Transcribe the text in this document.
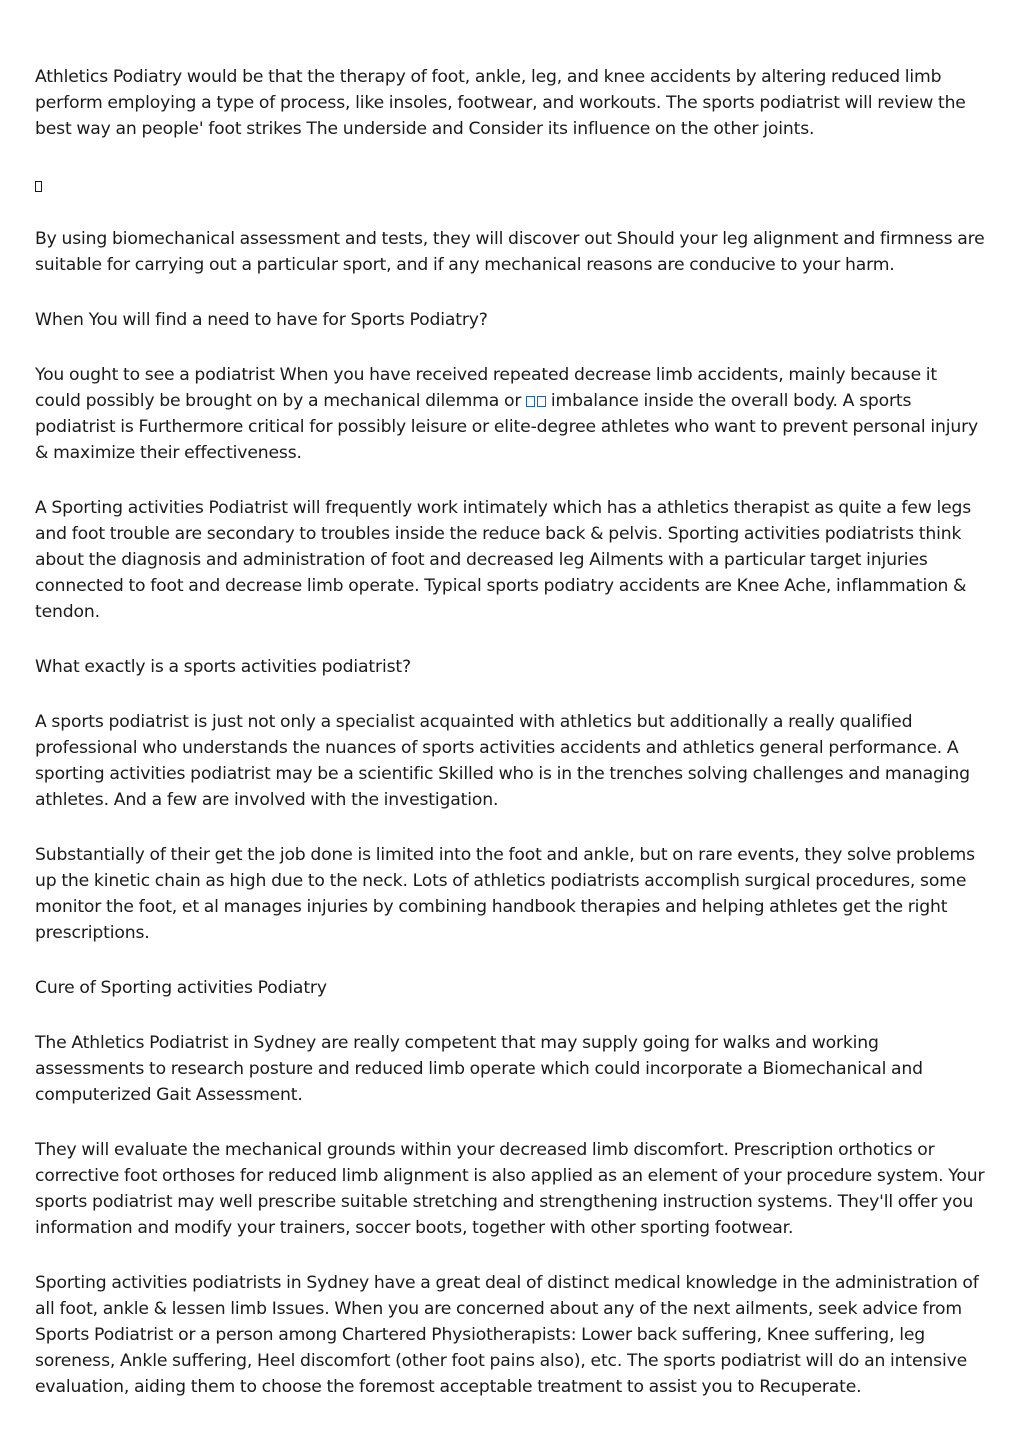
Athletics Podiatry would be that the therapy of foot, ankle, leg, and knee accidents by altering reduced limb perform employing a type of process, like insoles, footwear, and workouts. The sports podiatrist will review the best way an people' foot strikes The underside and Consider its influence on the other joints.

By using biomechanical assessment and tests, they will discover out Should your leg alignment and firmness are suitable for carrying out a particular sport, and if any mechanical reasons are conducive to your harm.

When You will find a need to have for Sports Podiatry?

You ought to see a podiatrist When you have received repeated decrease limb accidents, mainly because it could possibly be brought on by a mechanical dilemma or
imbalance inside the overall body. A sports podiatrist is Furthermore critical for possibly leisure or elite-degree athletes who want to prevent personal injury & maximize their effectiveness.

A Sporting activities Podiatrist will frequently work intimately which has a athletics therapist as quite a few legs and foot trouble are secondary to troubles inside the reduce back & pelvis. Sporting activities podiatrists think about the diagnosis and administration of foot and decreased leg Ailments with a particular target injuries connected to foot and decrease limb operate. Typical sports podiatry accidents are Knee Ache, inflammation & tendon.

What exactly is a sports activities podiatrist?

A sports podiatrist is just not only a specialist acquainted with athletics but additionally a really qualified professional who understands the nuances of sports activities accidents and athletics general performance. A sporting activities podiatrist may be a scientific Skilled who is in the trenches solving challenges and managing athletes. And a few are involved with the investigation.

Substantially of their get the job done is limited into the foot and ankle, but on rare events, they solve problems up the kinetic chain as high due to the neck. Lots of athletics podiatrists accomplish surgical procedures, some monitor the foot, et al manages injuries by combining handbook therapies and helping athletes get the right prescriptions.

Cure of Sporting activities Podiatry

The Athletics Podiatrist in Sydney are really competent that may supply going for walks and working assessments to research posture and reduced limb operate which could incorporate a Biomechanical and computerized Gait Assessment.

They will evaluate the mechanical grounds within your decreased limb discomfort. Prescription orthotics or corrective foot orthoses for reduced limb alignment is also applied as an element of your procedure system. Your sports podiatrist may well prescribe suitable stretching and strengthening instruction systems. They'll offer you information and modify your trainers, soccer boots, together with other sporting footwear.

Sporting activities podiatrists in Sydney have a great deal of distinct medical knowledge in the administration of all foot, ankle & lessen limb Issues. When you are concerned about any of the next ailments, seek advice from Sports Podiatrist or a person among Chartered Physiotherapists: Lower back suffering, Knee suffering, leg soreness, Ankle suffering, Heel discomfort (other foot pains also), etc. The sports podiatrist will do an intensive evaluation, aiding them to choose the foremost acceptable treatment to assist you to Recuperate.
